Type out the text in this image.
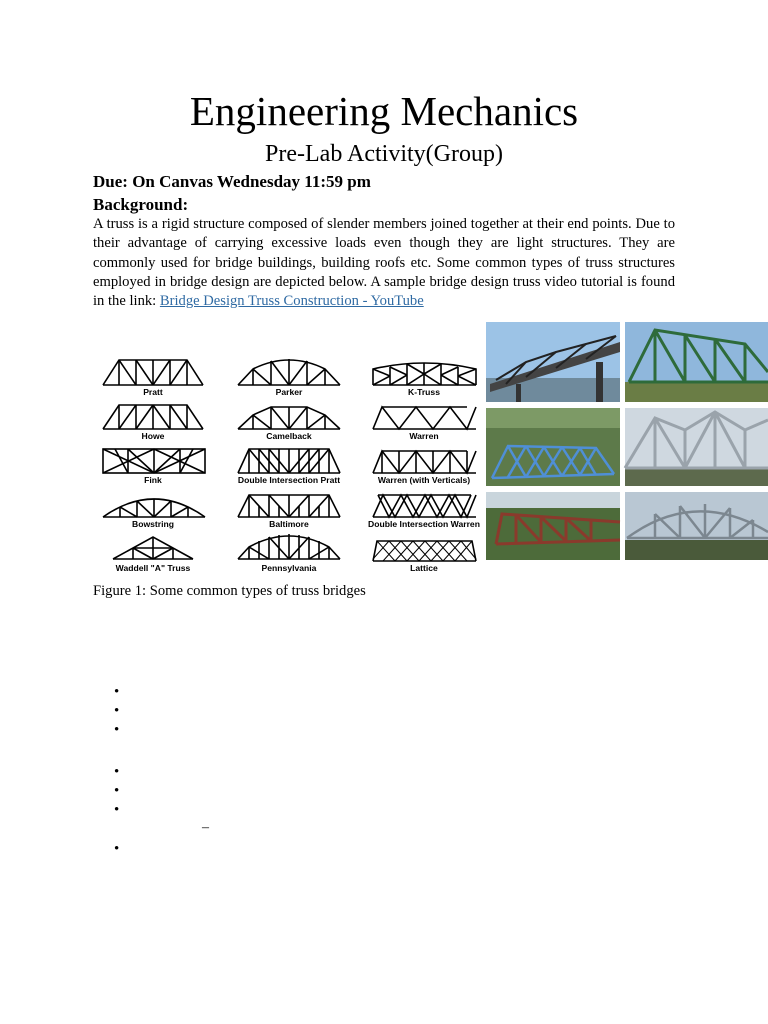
Engineering Mechanics
Pre-Lab Activity(Group)
Due: On Canvas Wednesday 11:59 pm
Background:
A truss is a rigid structure composed of slender members joined together at their end points. Due to their advantage of carrying excessive loads even though they are light structures. They are commonly used for bridge buildings, building roofs etc. Some common types of truss structures employed in bridge design are depicted below. A sample bridge design truss video tutorial is found in the link: Bridge Design Truss Construction - YouTube
Pratt	Parker	K-Truss
Howe	Camelback	Warren
Fink	Double Intersection Pratt	Warren (with Verticals)
Bowstring	Baltimore	Double Intersection Warren
Waddell "A" Truss	Pennsylvania	Lattice
Figure 1: Some common types of truss bridges
•
•
•
•
•
•
–
•
